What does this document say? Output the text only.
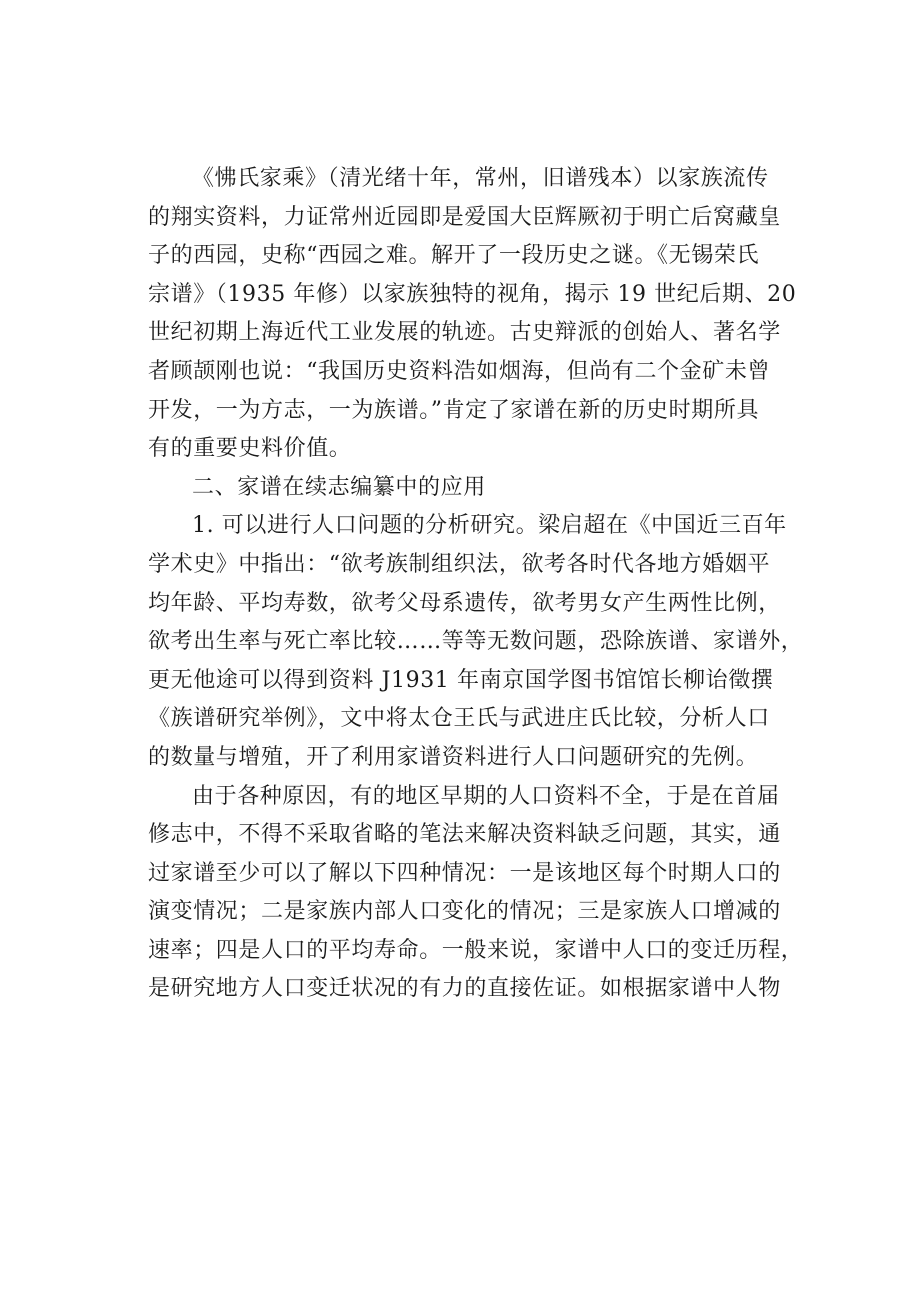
《怫氏家乘》（清光绪十年，常州，旧谱残本）以家族流传
的翔实资料，力证常州近园即是爱国大臣辉厥初于明亡后窝藏皇
子的西园，史称“西园之难。解开了一段历史之谜。《无锡荣氏
宗谱》（1935 年修）以家族独特的视角，揭示 19 世纪后期、20
世纪初期上海近代工业发展的轨迹。古史辩派的创始人、著名学
者顾颉刚也说：“我国历史资料浩如烟海，但尚有二个金矿未曾
开发，一为方志，一为族谱。”肯定了家谱在新的历史时期所具
有的重要史料价值。
二、家谱在续志编纂中的应用
1. 可以进行人口问题的分析研究。梁启超在《中国近三百年
学术史》中指出：“欲考族制组织法，欲考各时代各地方婚姻平
均年龄、平均寿数，欲考父母系遗传，欲考男女产生两性比例，
欲考出生率与死亡率比较……等等无数问题，恐除族谱、家谱外，
更无他途可以得到资料 J1931 年南京国学图书馆馆长柳诒徵撰
《族谱研究举例》，文中将太仓王氏与武进庄氏比较，分析人口
的数量与增殖，开了利用家谱资料进行人口问题研究的先例。
由于各种原因，有的地区早期的人口资料不全，于是在首届
修志中，不得不采取省略的笔法来解决资料缺乏问题，其实，通
过家谱至少可以了解以下四种情况：一是该地区每个时期人口的
演变情况；二是家族内部人口变化的情况；三是家族人口增减的
速率；四是人口的平均寿命。一般来说，家谱中人口的变迁历程，
是研究地方人口变迁状况的有力的直接佐证。如根据家谱中人物
